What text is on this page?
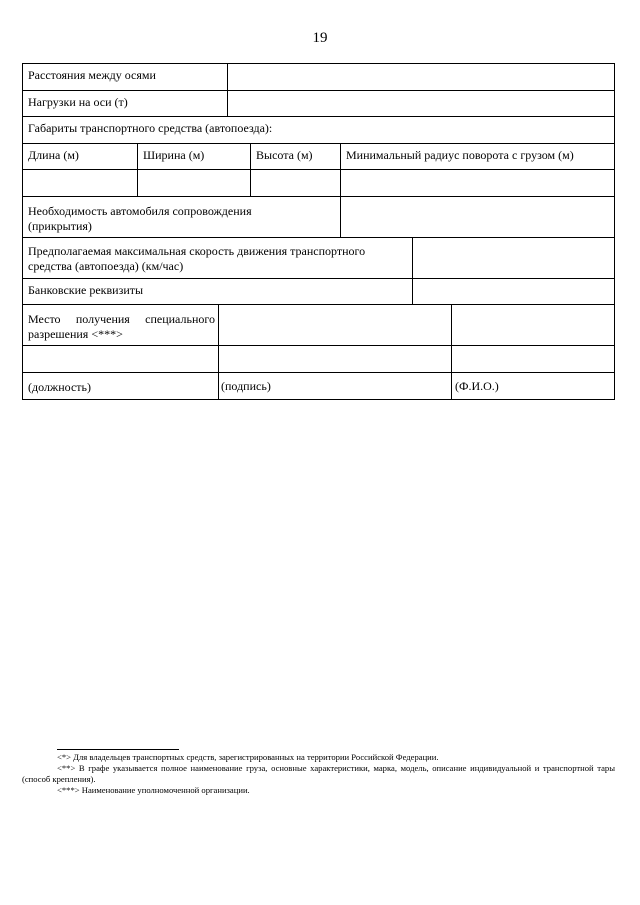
19
Расстояния между осями
Нагрузки на оси (т)
Габариты транспортного средства (автопоезда):
Длина (м)	Ширина (м)	Высота (м)	Минимальный радиус поворота с грузом (м)
Необходимость автомобиля сопровождения
(прикрытия)
Предполагаемая максимальная скорость движения транспортного средства (автопоезда) (км/час)
Банковские реквизиты
Место получения специального разрешения <***>
(должность)	(подпись)	(Ф.И.О.)
<*> Для владельцев транспортных средств, зарегистрированных на территории Российской Федерации.
<**> В графе указывается полное наименование груза, основные характеристики, марка, модель, описание индивидуальной и транспортной тары (способ крепления).
<***> Наименование уполномоченной организации.
